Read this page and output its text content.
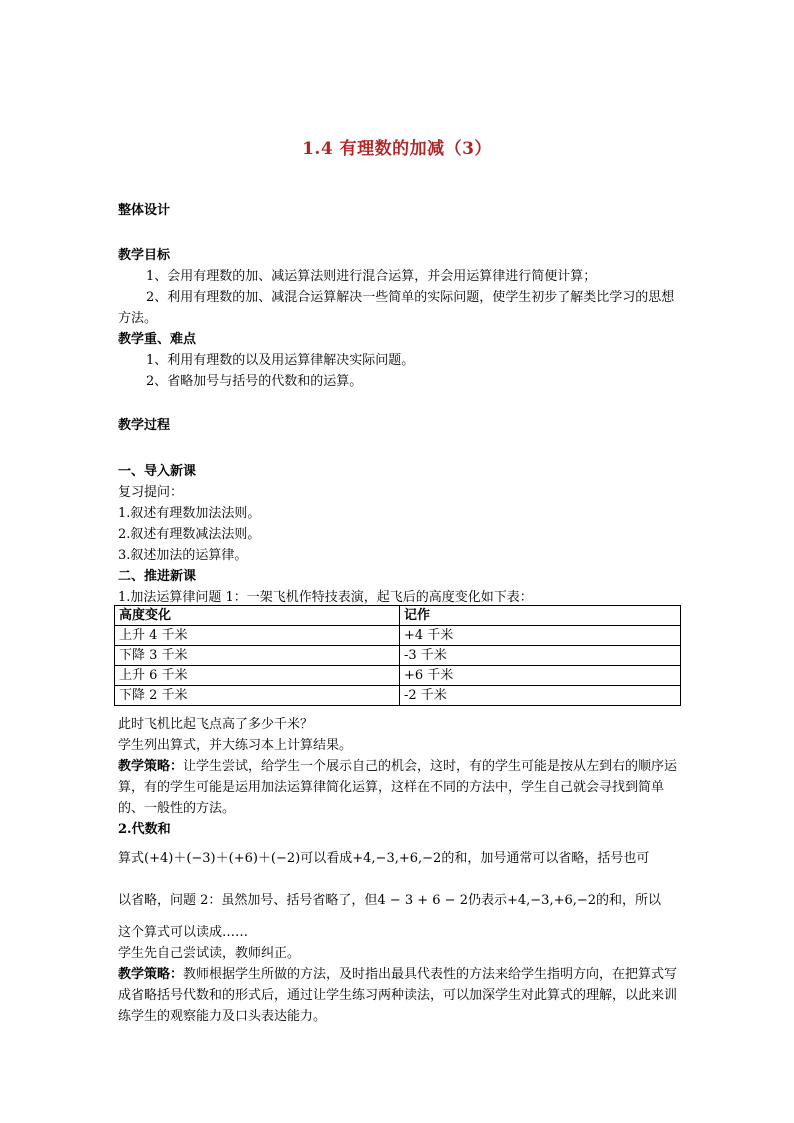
1.4 有理数的加减（3）
整体设计

教学目标

1、会用有理数的加、减运算法则进行混合运算，并会用运算律进行简便计算；

2、利用有理数的加、减混合运算解决一些简单的实际问题，使学生初步了解类比学习的思想方法。

教学重、难点

1、利用有理数的以及用运算律解决实际问题。

2、省略加号与括号的代数和的运算。

教学过程

一、导入新课

复习提问：

1.叙述有理数加法法则。

2.叙述有理数减法法则。

3.叙述加法的运算律。

二、推进新课

1.加法运算律问题 1：一架飞机作特技表演，起飞后的高度变化如下表：

高度变化	记作
上升 4 千米	+4 千米
下降 3 千米	-3 千米
上升 6 千米	+6 千米
下降 2 千米	-2 千米

此时飞机比起飞点高了多少千米？

学生列出算式，并大练习本上计算结果。

教学策略：让学生尝试，给学生一个展示自己的机会，这时，有的学生可能是按从左到右的顺序运算，有的学生可能是运用加法运算律简化运算，这样在不同的方法中，学生自己就会寻找到简单的、一般性的方法。

2.代数和

算式(+4)＋(−3)＋(+6)＋(−2)可以看成+4,−3,+6,−2的和，加号通常可以省略，括号也可
以省略，问题 2：虽然加号、括号省略了，但4 − 3 + 6 − 2仍表示+4,−3,+6,−2的和，所以

这个算式可以读成……

学生先自己尝试读，教师纠正。

教学策略：教师根据学生所做的方法，及时指出最具代表性的方法来给学生指明方向，在把算式写成省略括号代数和的形式后，通过让学生练习两种读法，可以加深学生对此算式的理解，以此来训练学生的观察能力及口头表达能力。
